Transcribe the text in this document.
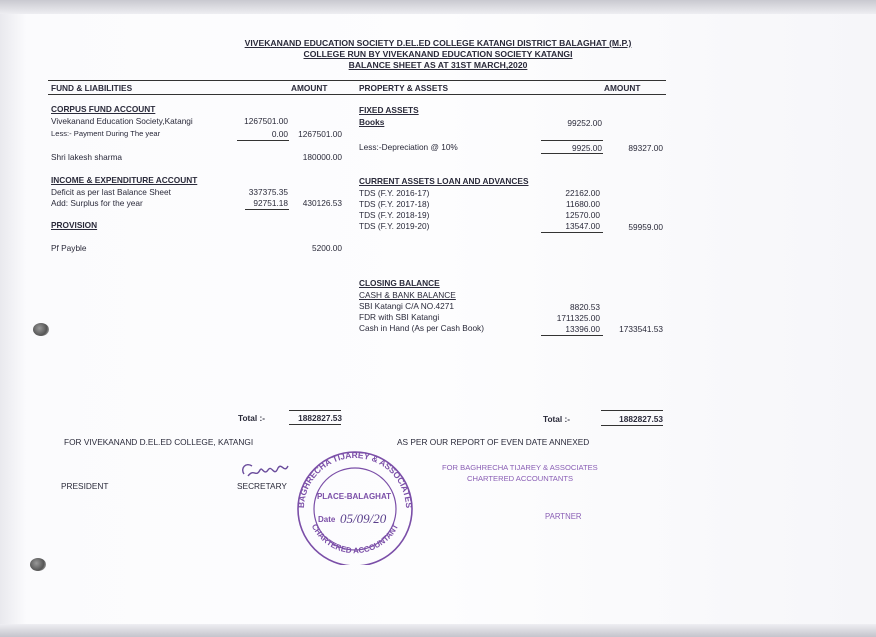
VIVEKANAND EDUCATION SOCIETY D.EL.ED COLLEGE KATANGI DISTRICT BALAGHAT (M.P.)
COLLEGE RUN BY VIVEKANAND EDUCATION SOCIETY KATANGI
BALANCE SHEET AS AT 31ST MARCH,2020
FUND & LIABILITIES	AMOUNT	PROPERTY & ASSETS	AMOUNT
CORPUS FUND ACCOUNT
Vivekanand Education Society,Katangi	1267501.00
Less:- Payment During The year	0.00	1267501.00
Shri lakesh sharma	180000.00
INCOME & EXPENDITURE ACCOUNT
Deficit as per last Balance Sheet	337375.35
Add: Surplus for the year	92751.18	430126.53
PROVISION
Pf Payble	5200.00
FIXED ASSETS
Books	99252.00
Less:-Depreciation @ 10%	9925.00	89327.00
CURRENT ASSETS LOAN AND ADVANCES
TDS (F.Y. 2016-17)	22162.00
TDS (F.Y. 2017-18)	11680.00
TDS (F.Y. 2018-19)	12570.00
TDS (F.Y. 2019-20)	13547.00	59959.00
CLOSING BALANCE
CASH & BANK BALANCE
SBI Katangi C/A NO.4271	8820.53
FDR with SBI Katangi	1711325.00
Cash in Hand (As per Cash Book)	13396.00	1733541.53
Total :-	1882827.53	Total :-	1882827.53
FOR VIVEKANAND D.EL.ED COLLEGE, KATANGI	AS PER OUR REPORT OF EVEN DATE ANNEXED
PRESIDENT	SECRETARY
FOR BAGHRECHA TIJAREY & ASSOCIATES
CHARTERED ACCOUNTANTS
PARTNER
BAGHRECHA TIJAREY & ASSOCIATES
CHARTERED ACCOUNTANT
PLACE-BALAGHAT
Date 05/09/20
